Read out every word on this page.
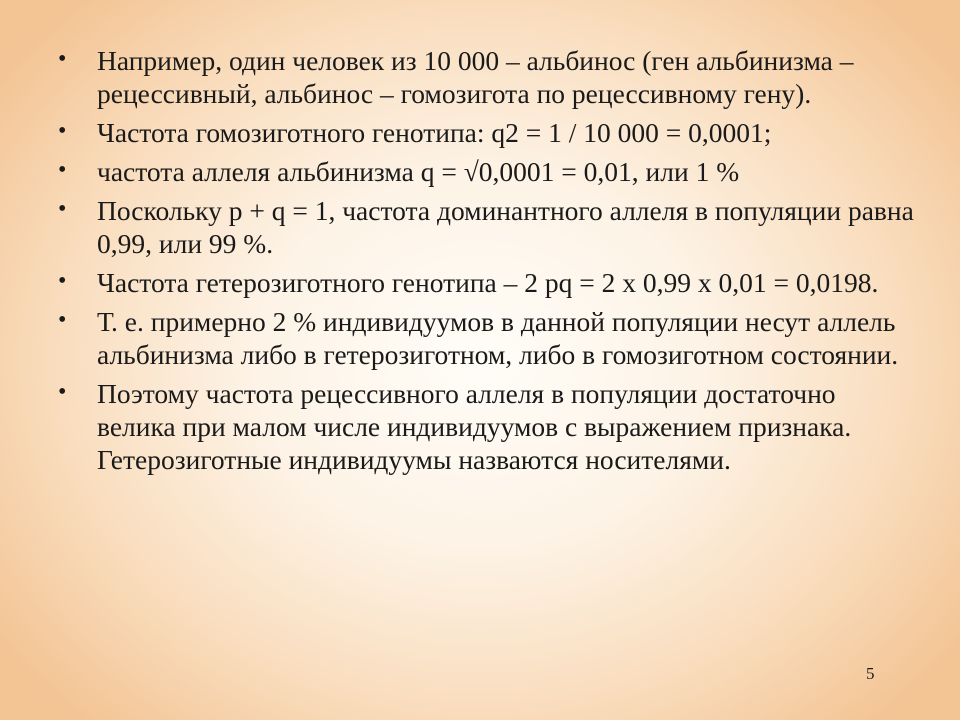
• Например, один человек из 10 000 – альбинос (ген альбинизма – рецессивный, альбинос – гомозигота по рецессивному гену).
• Частота гомозиготного генотипа: q2 = 1 / 10 000 = 0,0001;
• частота аллеля альбинизма q = √0,0001 = 0,01, или 1 %
• Поскольку p + q = 1, частота доминантного аллеля в популяции равна 0,99, или 99 %.
• Частота гетерозиготного генотипа – 2 pq = 2 x 0,99 x 0,01 = 0,0198.
• Т. е. примерно 2 % индивидуумов в данной популяции несут аллель альбинизма либо в гетерозиготном, либо в гомозиготном состоянии.
• Поэтому частота рецессивного аллеля в популяции достаточно велика при малом числе индивидуумов с выражением признака. Гетерозиготные индивидуумы назваются носителями.
5
